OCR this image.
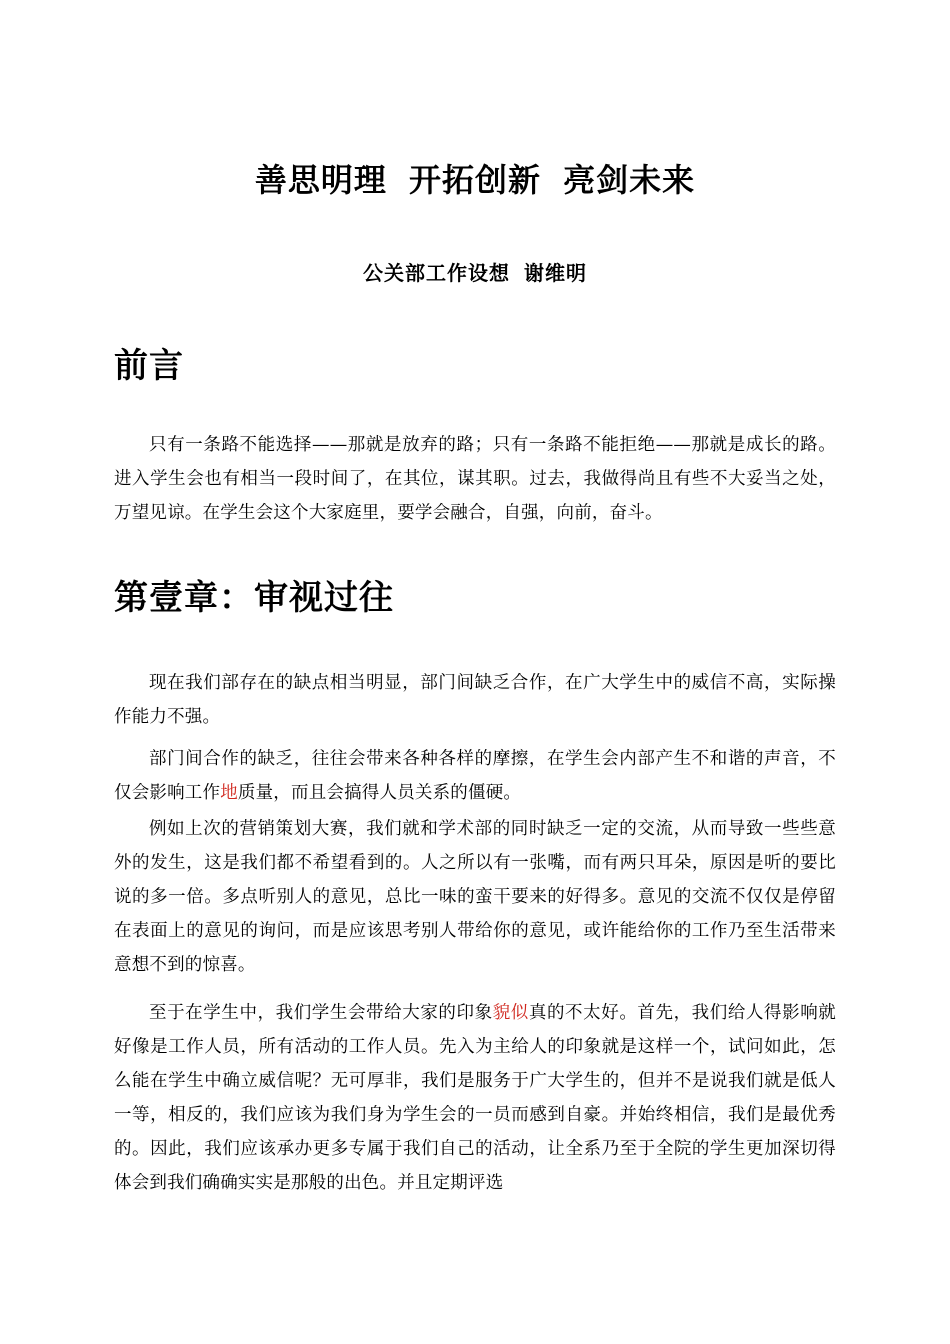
善思明理 开拓创新 亮剑未来
公关部工作设想 谢维明
前言

只有一条路不能选择——那就是放弃的路；只有一条路不能拒绝——那就是成长的路。进入学生会也有相当一段时间了，在其位，谋其职。过去，我做得尚且有些不大妥当之处，万望见谅。在学生会这个大家庭里，要学会融合，自强，向前，奋斗。

第壹章：审视过往

现在我们部存在的缺点相当明显，部门间缺乏合作，在广大学生中的威信不高，实际操作能力不强。

部门间合作的缺乏，往往会带来各种各样的摩擦，在学生会内部产生不和谐的声音，不仅会影响工作地质量，而且会搞得人员关系的僵硬。

例如上次的营销策划大赛，我们就和学术部的同时缺乏一定的交流，从而导致一些些意外的发生，这是我们都不希望看到的。人之所以有一张嘴，而有两只耳朵，原因是听的要比说的多一倍。多点听别人的意见，总比一味的蛮干要来的好得多。意见的交流不仅仅是停留在表面上的意见的询问，而是应该思考别人带给你的意见，或许能给你的工作乃至生活带来意想不到的惊喜。

至于在学生中，我们学生会带给大家的印象貌似真的不太好。首先，我们给人得影响就好像是工作人员，所有活动的工作人员。先入为主给人的印象就是这样一个，试问如此，怎么能在学生中确立威信呢？无可厚非，我们是服务于广大学生的，但并不是说我们就是低人一等，相反的，我们应该为我们身为学生会的一员而感到自豪。并始终相信，我们是最优秀的。因此，我们应该承办更多专属于我们自己的活动，让全系乃至于全院的学生更加深切得体会到我们确确实实是那般的出色。并且定期评选
